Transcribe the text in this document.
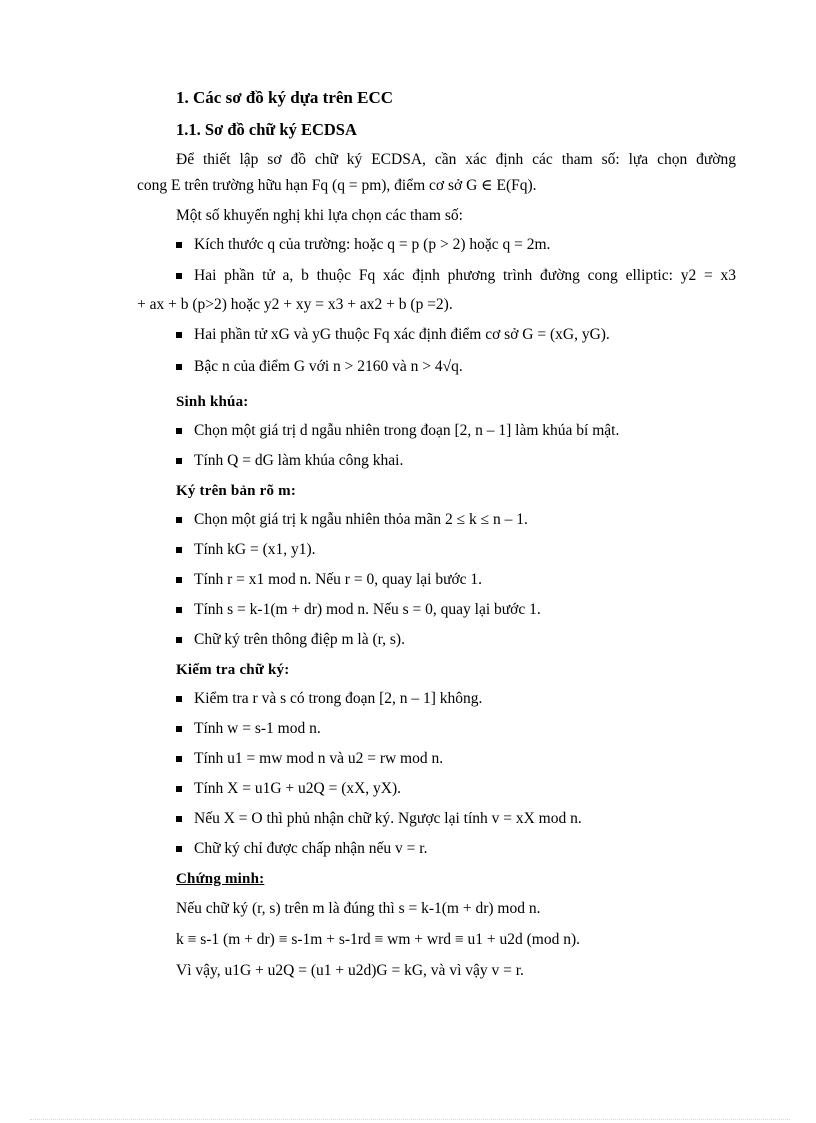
1. Các sơ đồ ký dựa trên ECC
1.1. Sơ đồ chữ ký ECDSA
Để thiết lập sơ đồ chữ ký ECDSA, cần xác định các tham số: lựa chọn đường
cong E trên trường hữu hạn Fq (q = pm), điểm cơ sở G ∈ E(Fq).
Một số khuyến nghị khi lựa chọn các tham số:
Kích thước q của trường: hoặc q = p (p > 2) hoặc q = 2m.
Hai phần tử a, b thuộc Fq xác định phương trình đường cong elliptic: y2 = x3
+ ax + b (p>2) hoặc y2 + xy = x3 + ax2 + b (p =2).
Hai phần tử xG và yG thuộc Fq xác định điểm cơ sở G = (xG, yG).
Bậc n của điểm G với n > 2160 và n > 4√q.
Sinh khúa:
Chọn một giá trị d ngẫu nhiên trong đoạn [2, n – 1] làm khúa bí mật.
Tính Q = dG làm khúa công khai.
Ký trên bản rõ m:
Chọn một giá trị k ngẫu nhiên thỏa mãn 2 ≤ k ≤ n – 1.
Tính kG = (x1, y1).
Tính r = x1 mod n. Nếu r = 0, quay lại bước 1.
Tính s = k-1(m + dr) mod n. Nếu s = 0, quay lại bước 1.
Chữ ký trên thông điệp m là (r, s).
Kiểm tra chữ ký:
Kiểm tra r và s có trong đoạn [2, n – 1] không.
Tính w = s-1 mod n.
Tính u1 = mw mod n và u2 = rw mod n.
Tính X = u1G + u2Q = (xX, yX).
Nếu X = O thì phủ nhận chữ ký. Ngược lại tính v = xX mod n.
Chữ ký chỉ được chấp nhận nếu v = r.
Chứng minh:
Nếu chữ ký (r, s) trên m là đúng thì s = k-1(m + dr) mod n.
k ≡ s-1 (m + dr) ≡ s-1m + s-1rd ≡ wm + wrd ≡ u1 + u2d (mod n).
Vì vậy, u1G + u2Q = (u1 + u2d)G = kG, và vì vậy v = r.
